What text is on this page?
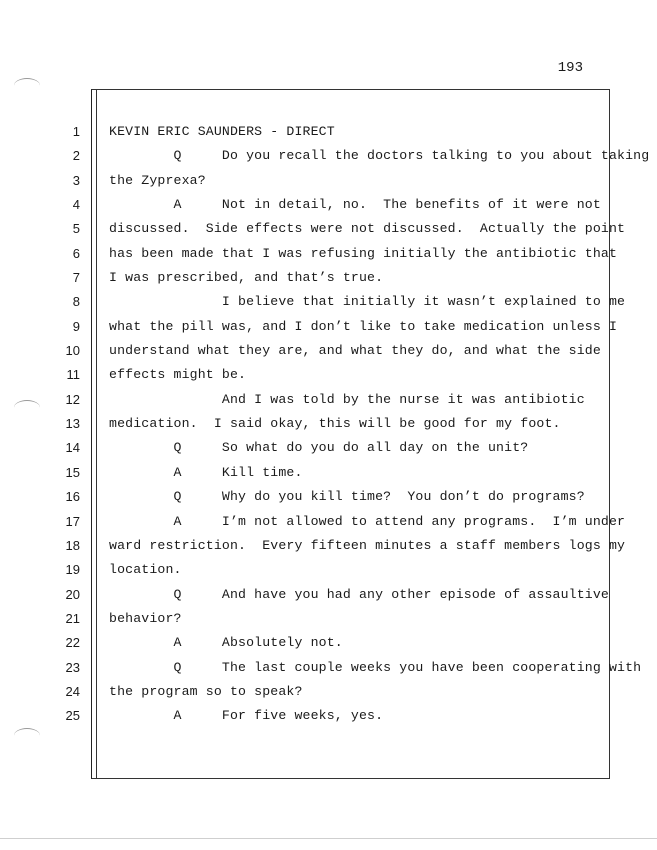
193
1
2
3
4
5
6
7
8
9
10
11
12
13
14
15
16
17
18
19
20
21
22
23
24
25
KEVIN ERIC SAUNDERS - DIRECT
Q     Do you recall the doctors talking to you about taking
the Zyprexa?
A     Not in detail, no.  The benefits of it were not
discussed.  Side effects were not discussed.  Actually the point
has been made that I was refusing initially the antibiotic that
I was prescribed, and that’s true.
I believe that initially it wasn’t explained to me
what the pill was, and I don’t like to take medication unless I
understand what they are, and what they do, and what the side
effects might be.
And I was told by the nurse it was antibiotic
medication.  I said okay, this will be good for my foot.
Q     So what do you do all day on the unit?
A     Kill time.
Q     Why do you kill time?  You don’t do programs?
A     I’m not allowed to attend any programs.  I’m under
ward restriction.  Every fifteen minutes a staff members logs my
location.
Q     And have you had any other episode of assaultive
behavior?
A     Absolutely not.
Q     The last couple weeks you have been cooperating with
the program so to speak?
A     For five weeks, yes.
